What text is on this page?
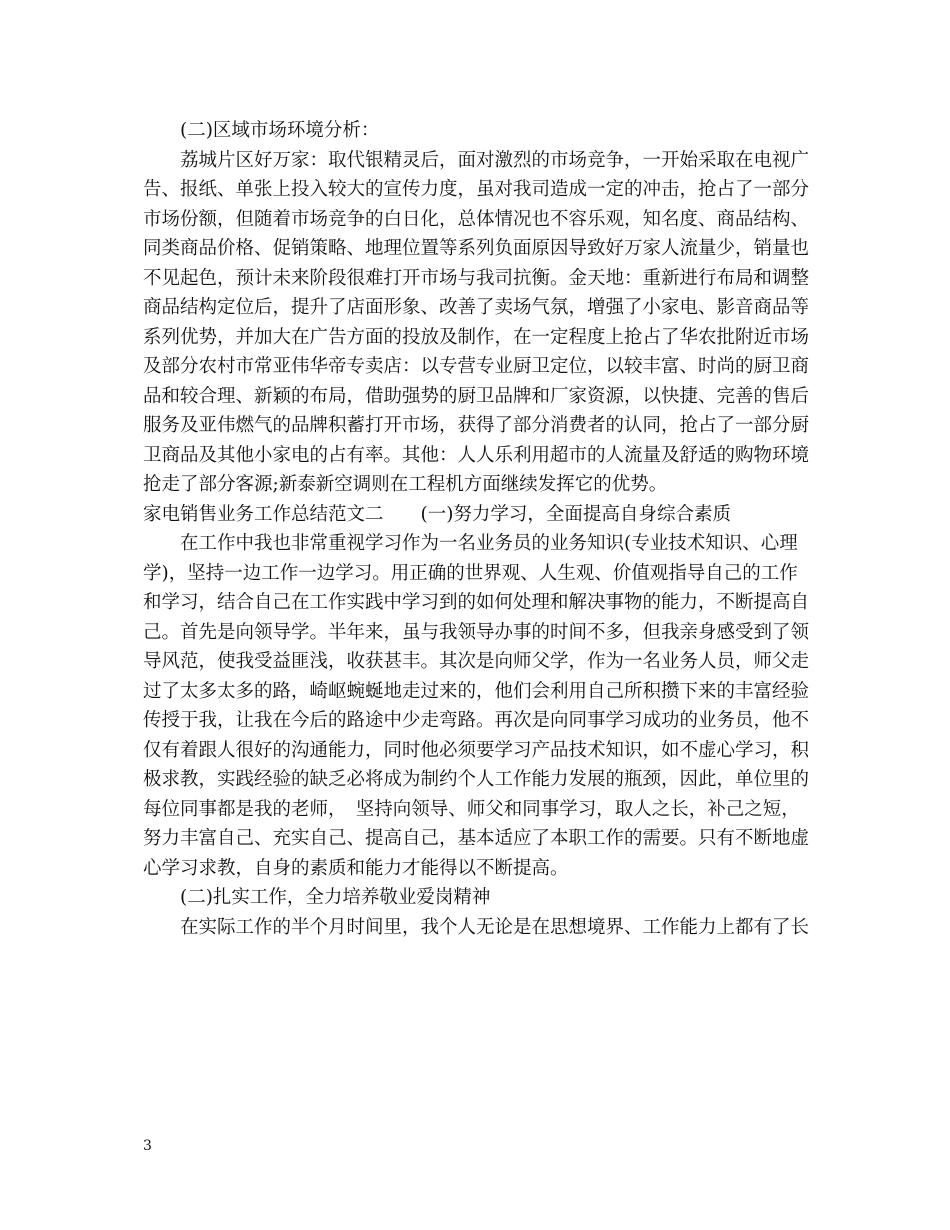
　　(二)区域市场环境分析：
　　荔城片区好万家：取代银精灵后，面对激烈的市场竞争，一开始采取在电视广
告、报纸、单张上投入较大的宣传力度，虽对我司造成一定的冲击，抢占了一部分
市场份额，但随着市场竞争的白日化，总体情况也不容乐观，知名度、商品结构、
同类商品价格、促销策略、地理位置等系列负面原因导致好万家人流量少，销量也
不见起色，预计未来阶段很难打开市场与我司抗衡。金天地：重新进行布局和调整
商品结构定位后，提升了店面形象、改善了卖场气氛，增强了小家电、影音商品等
系列优势，并加大在广告方面的投放及制作，在一定程度上抢占了华农批附近市场
及部分农村市常亚伟华帝专卖店：以专营专业厨卫定位，以较丰富、时尚的厨卫商
品和较合理、新颖的布局，借助强势的厨卫品牌和厂家资源，以快捷、完善的售后
服务及亚伟燃气的品牌积蓄打开市场，获得了部分消费者的认同，抢占了一部分厨
卫商品及其他小家电的占有率。其他：人人乐利用超市的人流量及舒适的购物环境
抢走了部分客源;新泰新空调则在工程机方面继续发挥它的优势。
家电销售业务工作总结范文二　　(一)努力学习，全面提高自身综合素质
　　在工作中我也非常重视学习作为一名业务员的业务知识(专业技术知识、心理
学)，坚持一边工作一边学习。用正确的世界观、人生观、价值观指导自己的工作
和学习，结合自己在工作实践中学习到的如何处理和解决事物的能力，不断提高自
己。首先是向领导学。半年来，虽与我领导办事的时间不多，但我亲身感受到了领
导风范，使我受益匪浅，收获甚丰。其次是向师父学，作为一名业务人员，师父走
过了太多太多的路，崎岖蜿蜒地走过来的，他们会利用自己所积攒下来的丰富经验
传授于我，让我在今后的路途中少走弯路。再次是向同事学习成功的业务员，他不
仅有着跟人很好的沟通能力，同时他必须要学习产品技术知识，如不虚心学习，积
极求教，实践经验的缺乏必将成为制约个人工作能力发展的瓶颈，因此，单位里的
每位同事都是我的老师，　坚持向领导、师父和同事学习，取人之长，补己之短，
努力丰富自己、充实自己、提高自己，基本适应了本职工作的需要。只有不断地虚
心学习求教，自身的素质和能力才能得以不断提高。
　　(二)扎实工作，全力培养敬业爱岗精神
　　在实际工作的半个月时间里，我个人无论是在思想境界、工作能力上都有了长
3
